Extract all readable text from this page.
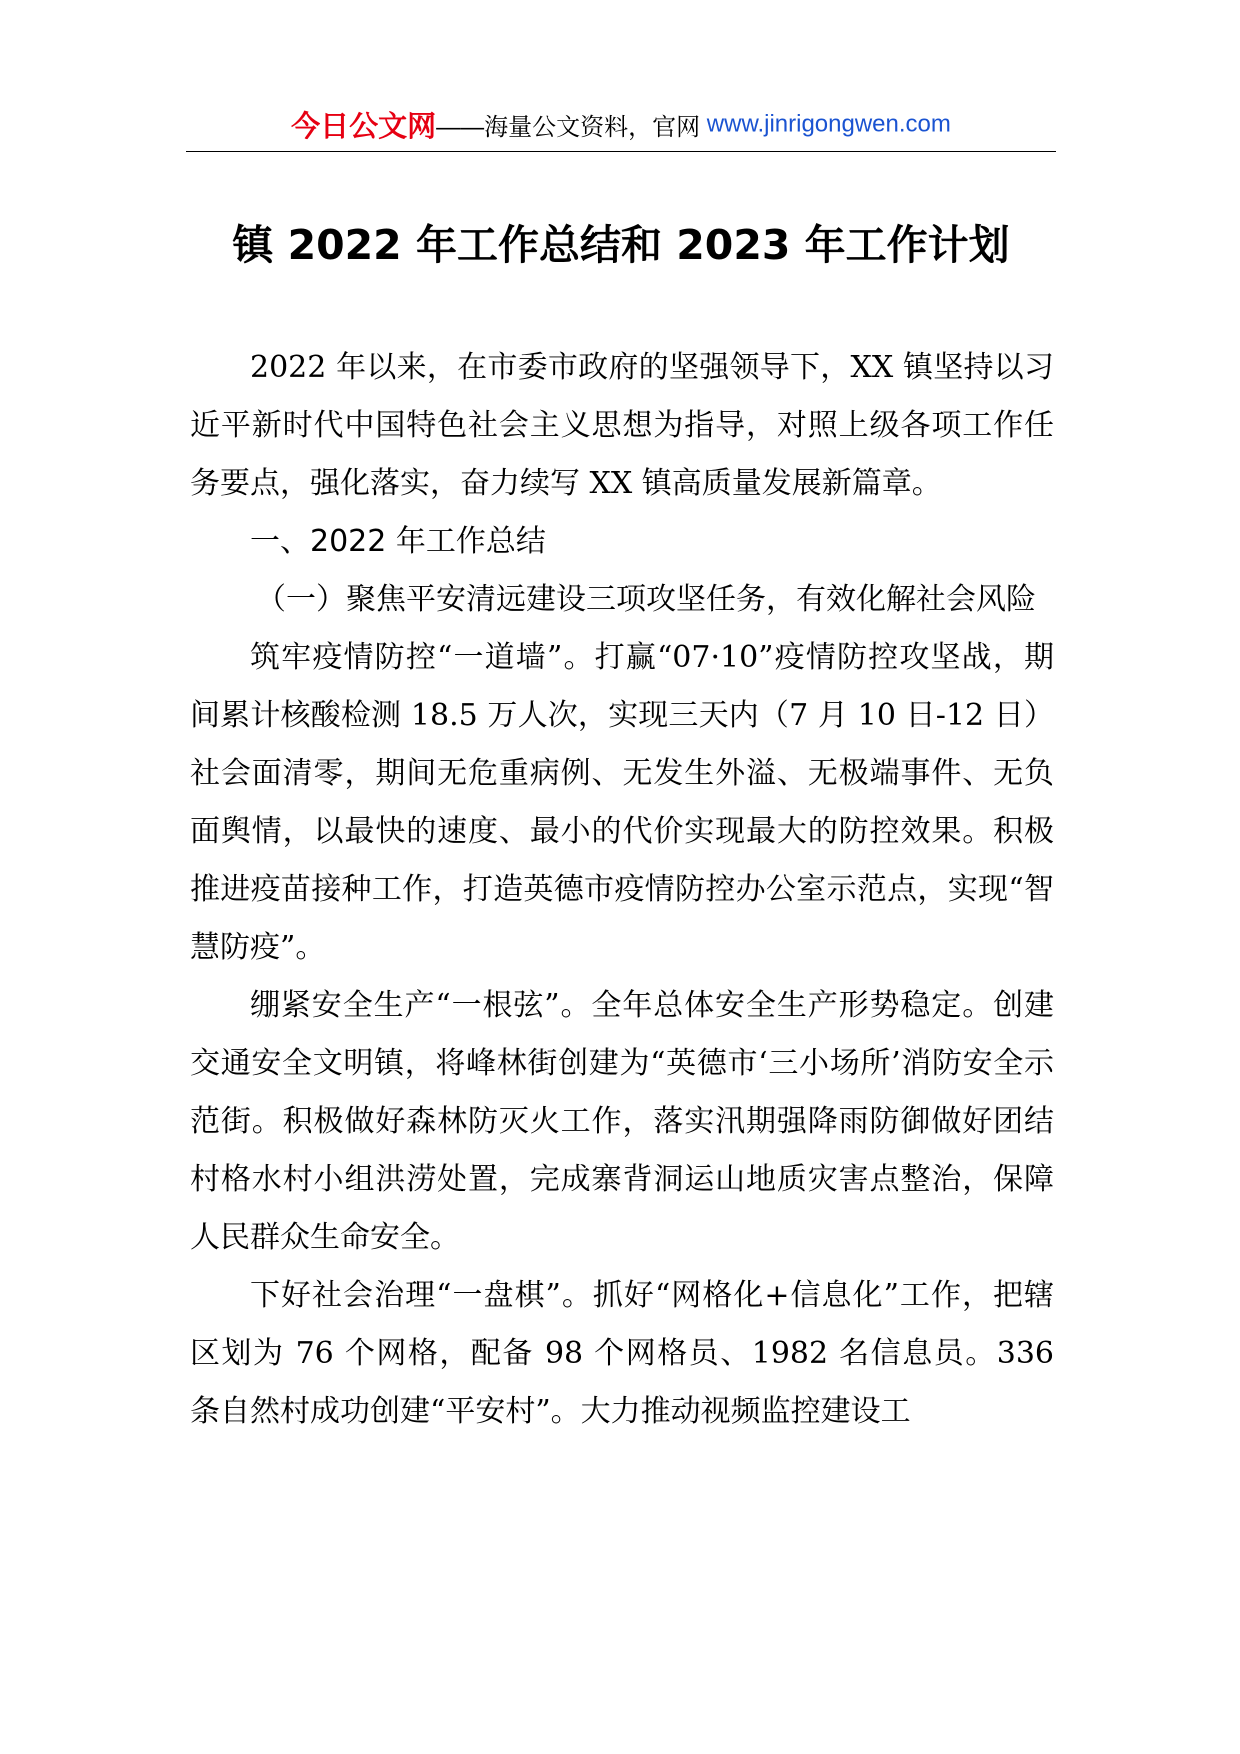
今日公文网——海量公文资料，官网 www.jinrigongwen.com
镇 2022 年工作总结和 2023 年工作计划

2022 年以来，在市委市政府的坚强领导下，XX 镇坚持以习近平新时代中国特色社会主义思想为指导，对照上级各项工作任务要点，强化落实，奋力续写 XX 镇高质量发展新篇章。

一、2022 年工作总结

（一）聚焦平安清远建设三项攻坚任务，有效化解社会风险

筑牢疫情防控“一道墙”。打赢“07·10”疫情防控攻坚战，期间累计核酸检测 18.5 万人次，实现三天内（7 月 10 日-12 日）社会面清零，期间无危重病例、无发生外溢、无极端事件、无负面舆情，以最快的速度、最小的代价实现最大的防控效果。积极推进疫苗接种工作，打造英德市疫情防控办公室示范点，实现“智慧防疫”。

绷紧安全生产“一根弦”。全年总体安全生产形势稳定。创建交通安全文明镇，将峰林街创建为“英德市‘三小场所’消防安全示范街。积极做好森林防灭火工作，落实汛期强降雨防御做好团结村格水村小组洪涝处置，完成寨背洞运山地质灾害点整治，保障人民群众生命安全。

下好社会治理“一盘棋”。抓好“网格化+信息化”工作，把辖区划为 76 个网格，配备 98 个网格员、1982 名信息员。336 条自然村成功创建“平安村”。大力推动视频监控建设工
